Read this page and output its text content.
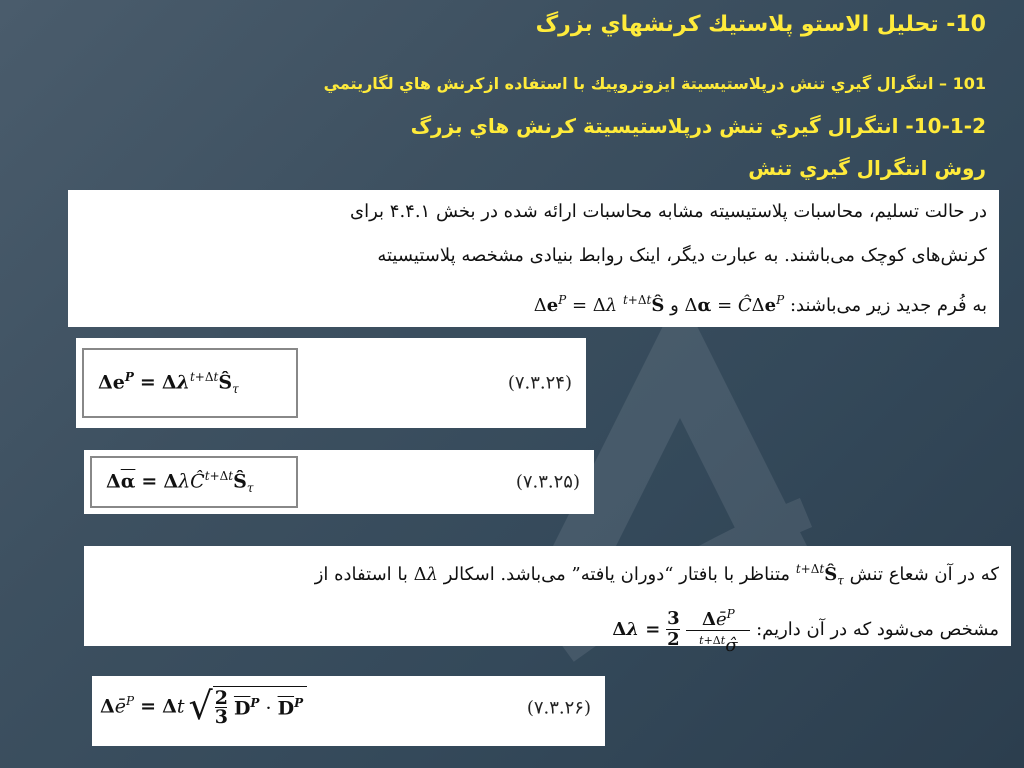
10- تحليل الاستو پلاستيك كرنشهاي بزرگ
101 – انتگرال گيري تنش درپلاستيسيتة ايزوتروپيك با استفاده ازكرنش هاي لگاريتمي
10-1-2- انتگرال گيري تنش درپلاستيسيتة كرنش هاي بزرگ
روش انتگرال گيري تنش
در حالت تسلیم، محاسبات پلاستیسیته مشابه محاسبات ارائه شده در بخش ۴.۴.۱ برای
کرنش‌های کوچک می‌باشند. به عبارت دیگر، اینک روابط بنیادی مشخصه پلاستیسیته
به فُرم جدید زیر می‌باشند: Δα = ĈΔe$^P$ و $\Delta e^P = \Delta\lambda$ $^{t+\Delta t}$Ŝ
$\Delta e^P$ = $\Delta\lambda^{t+\Delta t}Ŝ_\tau$	(۷.۳.۲۴)
$\Delta\overline{\alpha}$ = $\Delta\lambda Ĉ^{t+\Delta t}Ŝ_\tau$	(۷.۳.۲۵)
که در آن شعاع تنش $^{t+\Delta t}Ŝ_\tau$ متناظر با بافتار “دوران یافته” می‌باشد. اسکالر Δλ با استفاده از
مشخص می‌شود که در آن داریم:
Δλ = 3
2
$\Delta ē^P$
$^{t+\Delta t}$σ̂
$\Delta ē^P = \Delta t$ √ 2
3 $\overline{D}^P \cdot \overline{D}^P$	(۷.۳.۲۶)
